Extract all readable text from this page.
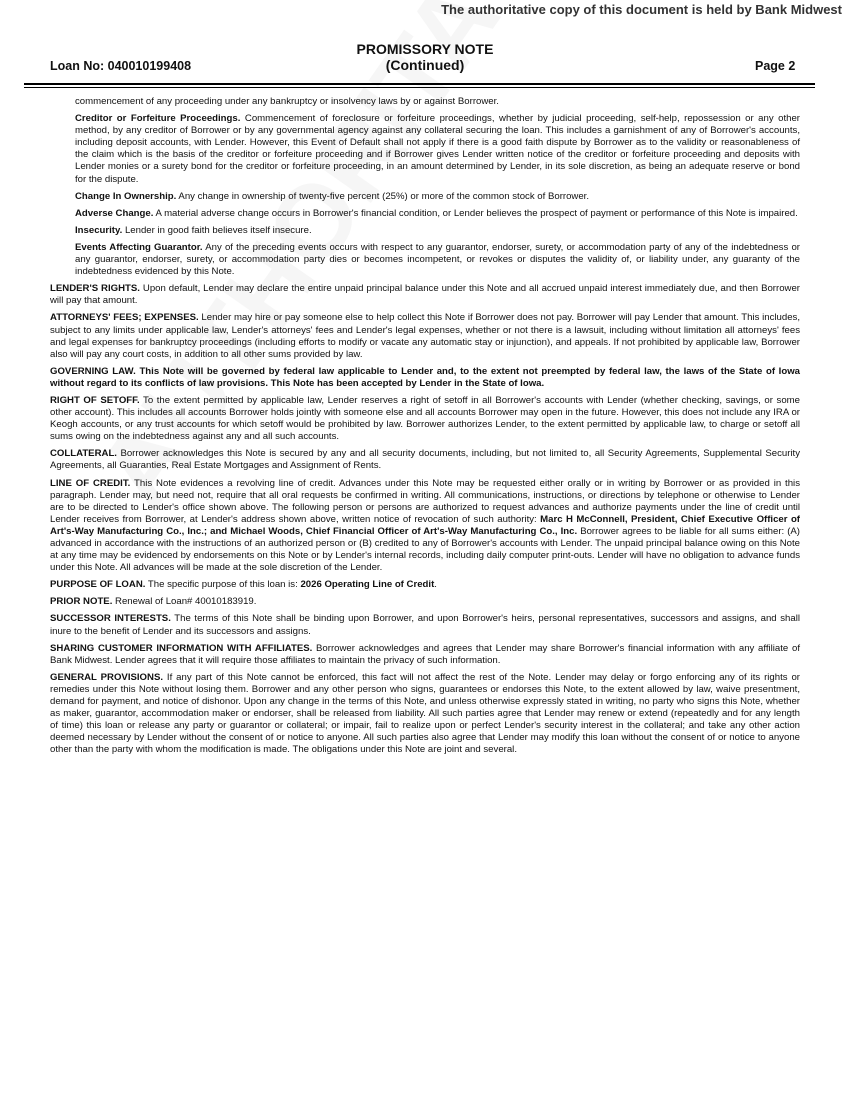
The authoritative copy of this document is held by Bank Midwest
Loan No: 040010199408
PROMISSORY NOTE
(Continued)	Page 2

commencement of any proceeding under any bankruptcy or insolvency laws by or against Borrower.

Creditor or Forfeiture Proceedings. Commencement of foreclosure or forfeiture proceedings, whether by judicial proceeding, self-help, repossession or any other method, by any creditor of Borrower or by any governmental agency against any collateral securing the loan. This includes a garnishment of any of Borrower's accounts, including deposit accounts, with Lender. However, this Event of Default shall not apply if there is a good faith dispute by Borrower as to the validity or reasonableness of the claim which is the basis of the creditor or forfeiture proceeding and if Borrower gives Lender written notice of the creditor or forfeiture proceeding and deposits with Lender monies or a surety bond for the creditor or forfeiture proceeding, in an amount determined by Lender, in its sole discretion, as being an adequate reserve or bond for the dispute.

Change In Ownership. Any change in ownership of twenty-five percent (25%) or more of the common stock of Borrower.

Adverse Change. A material adverse change occurs in Borrower's financial condition, or Lender believes the prospect of payment or performance of this Note is impaired.

Insecurity. Lender in good faith believes itself insecure.

Events Affecting Guarantor. Any of the preceding events occurs with respect to any guarantor, endorser, surety, or accommodation party of any of the indebtedness or any guarantor, endorser, surety, or accommodation party dies or becomes incompetent, or revokes or disputes the validity of, or liability under, any guaranty of the indebtedness evidenced by this Note.

LENDER'S RIGHTS. Upon default, Lender may declare the entire unpaid principal balance under this Note and all accrued unpaid interest immediately due, and then Borrower will pay that amount.

ATTORNEYS' FEES; EXPENSES. Lender may hire or pay someone else to help collect this Note if Borrower does not pay. Borrower will pay Lender that amount. This includes, subject to any limits under applicable law, Lender's attorneys' fees and Lender's legal expenses, whether or not there is a lawsuit, including without limitation all attorneys' fees and legal expenses for bankruptcy proceedings (including efforts to modify or vacate any automatic stay or injunction), and appeals. If not prohibited by applicable law, Borrower also will pay any court costs, in addition to all other sums provided by law.

GOVERNING LAW. This Note will be governed by federal law applicable to Lender and, to the extent not preempted by federal law, the laws of the State of Iowa without regard to its conflicts of law provisions. This Note has been accepted by Lender in the State of Iowa.

RIGHT OF SETOFF. To the extent permitted by applicable law, Lender reserves a right of setoff in all Borrower's accounts with Lender (whether checking, savings, or some other account). This includes all accounts Borrower holds jointly with someone else and all accounts Borrower may open in the future. However, this does not include any IRA or Keogh accounts, or any trust accounts for which setoff would be prohibited by law. Borrower authorizes Lender, to the extent permitted by applicable law, to charge or setoff all sums owing on the indebtedness against any and all such accounts.

COLLATERAL. Borrower acknowledges this Note is secured by any and all security documents, including, but not limited to, all Security Agreements, Supplemental Security Agreements, all Guaranties, Real Estate Mortgages and Assignment of Rents.

LINE OF CREDIT. This Note evidences a revolving line of credit. Advances under this Note may be requested either orally or in writing by Borrower or as provided in this paragraph. Lender may, but need not, require that all oral requests be confirmed in writing. All communications, instructions, or directions by telephone or otherwise to Lender are to be directed to Lender's office shown above. The following person or persons are authorized to request advances and authorize payments under the line of credit until Lender receives from Borrower, at Lender's address shown above, written notice of revocation of such authority: Marc H McConnell, President, Chief Executive Officer of Art's-Way Manufacturing Co., Inc.; and Michael Woods, Chief Financial Officer of Art's-Way Manufacturing Co., Inc. Borrower agrees to be liable for all sums either: (A) advanced in accordance with the instructions of an authorized person or (B) credited to any of Borrower's accounts with Lender. The unpaid principal balance owing on this Note at any time may be evidenced by endorsements on this Note or by Lender's internal records, including daily computer print-outs. Lender will have no obligation to advance funds under this Note. All advances will be made at the sole discretion of the Lender.

PURPOSE OF LOAN. The specific purpose of this loan is: 2026 Operating Line of Credit.

PRIOR NOTE. Renewal of Loan# 40010183919.

SUCCESSOR INTERESTS. The terms of this Note shall be binding upon Borrower, and upon Borrower's heirs, personal representatives, successors and assigns, and shall inure to the benefit of Lender and its successors and assigns.

SHARING CUSTOMER INFORMATION WITH AFFILIATES. Borrower acknowledges and agrees that Lender may share Borrower's financial information with any affiliate of Bank Midwest. Lender agrees that it will require those affiliates to maintain the privacy of such information.

GENERAL PROVISIONS. If any part of this Note cannot be enforced, this fact will not affect the rest of the Note. Lender may delay or forgo enforcing any of its rights or remedies under this Note without losing them. Borrower and any other person who signs, guarantees or endorses this Note, to the extent allowed by law, waive presentment, demand for payment, and notice of dishonor. Upon any change in the terms of this Note, and unless otherwise expressly stated in writing, no party who signs this Note, whether as maker, guarantor, accommodation maker or endorser, shall be released from liability. All such parties agree that Lender may renew or extend (repeatedly and for any length of time) this loan or release any party or guarantor or collateral; or impair, fail to realize upon or perfect Lender's security interest in the collateral; and take any other action deemed necessary by Lender without the consent of or notice to anyone. All such parties also agree that Lender may modify this loan without the consent of or notice to anyone other than the party with whom the modification is made. The obligations under this Note are joint and several.
